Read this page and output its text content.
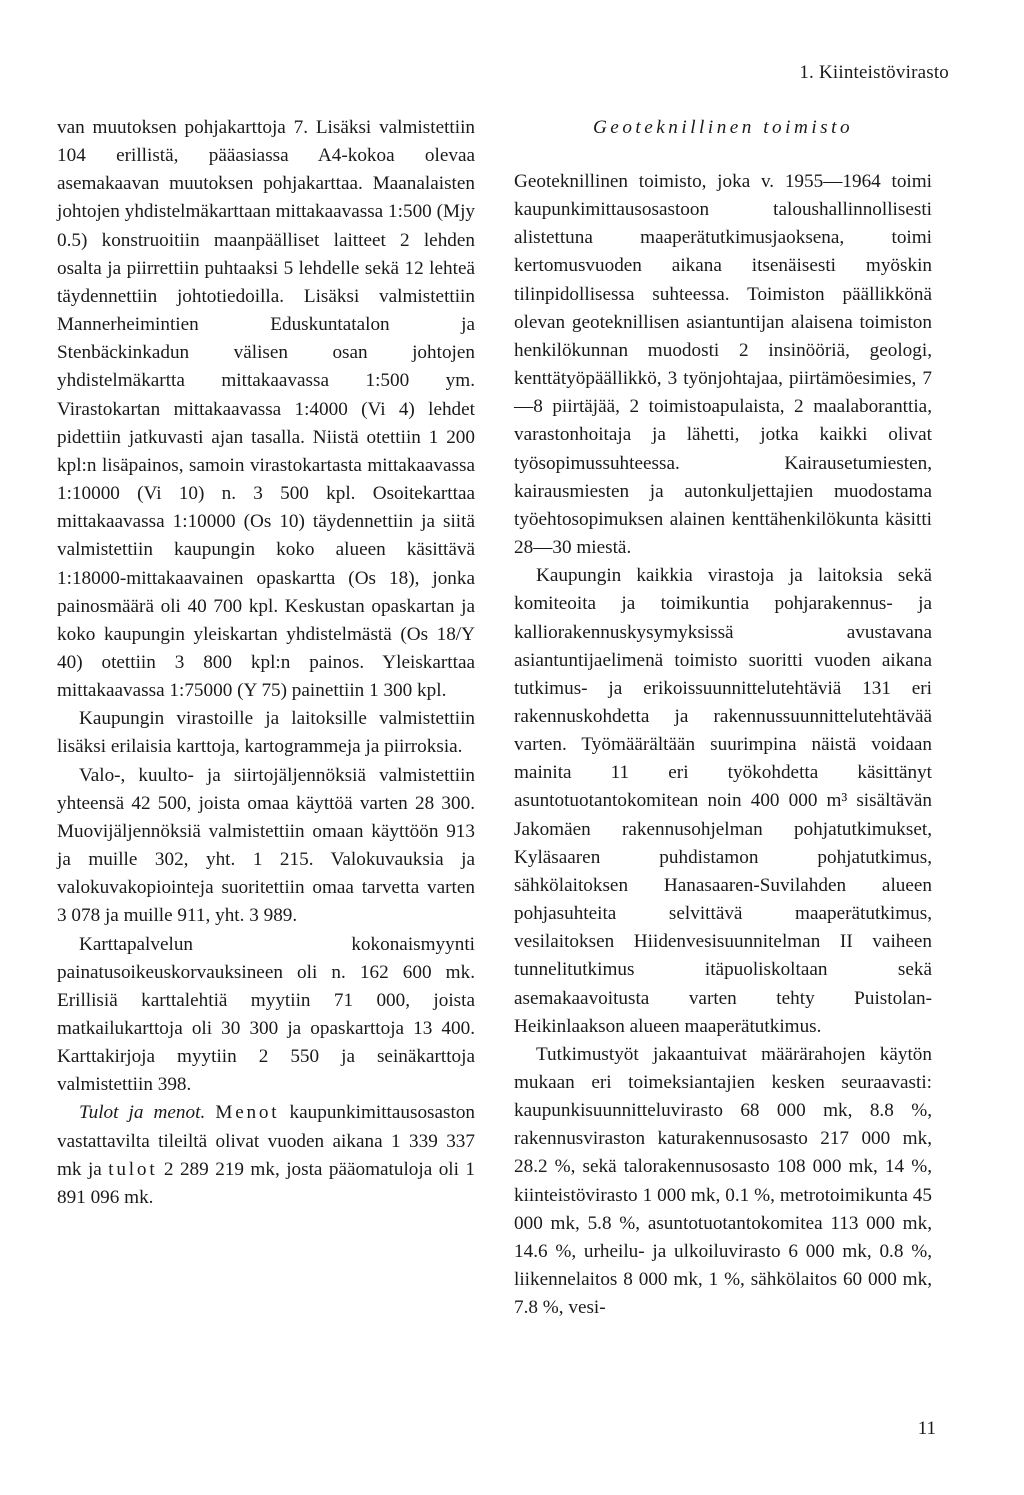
1. Kiinteistövirasto

van muutoksen pohjakarttoja 7. Lisäksi valmistettiin 104 erillistä, pääasiassa A4-kokoa olevaa asemakaavan muutoksen pohjakarttaa. Maanalaisten johtojen yhdistelmäkarttaan mittakaavassa 1:500 (Mjy 0.5) konstruoitiin maanpäälliset laitteet 2 lehden osalta ja piirrettiin puhtaaksi 5 lehdelle sekä 12 lehteä täydennettiin johtotiedoilla. Lisäksi valmistettiin Mannerheimintien Eduskuntatalon ja Stenbäckinkadun välisen osan johtojen yhdistelmäkartta mittakaavassa 1:500 ym. Virastokartan mittakaavassa 1:4000 (Vi 4) lehdet pidettiin jatkuvasti ajan tasalla. Niistä otettiin 1 200 kpl:n lisäpainos, samoin virastokartasta mittakaavassa 1:10000 (Vi 10) n. 3 500 kpl. Osoitekarttaa mittakaavassa 1:10000 (Os 10) täydennettiin ja siitä valmistettiin kaupungin koko alueen käsittävä 1:18000-mittakaavainen opaskartta (Os 18), jonka painosmäärä oli 40 700 kpl. Keskustan opaskartan ja koko kaupungin yleiskartan yhdistelmästä (Os 18/Y 40) otettiin 3 800 kpl:n painos. Yleiskarttaa mittakaavassa 1:75000 (Y 75) painettiin 1 300 kpl.

Kaupungin virastoille ja laitoksille valmistettiin lisäksi erilaisia karttoja, kartogrammeja ja piirroksia.

Valo-, kuulto- ja siirtojäljennöksiä valmistettiin yhteensä 42 500, joista omaa käyttöä varten 28 300. Muovijäljennöksiä valmistettiin omaan käyttöön 913 ja muille 302, yht. 1 215. Valokuvauksia ja valokuvakopiointeja suoritettiin omaa tarvetta varten 3 078 ja muille 911, yht. 3 989.

Karttapalvelun kokonaismyynti painatusoikeuskorvauksineen oli n. 162 600 mk. Erillisiä karttalehtiä myytiin 71 000, joista matkailukarttoja oli 30 300 ja opaskarttoja 13 400. Karttakirjoja myytiin 2 550 ja seinäkarttoja valmistettiin 398.

Tulot ja menot. Menot kaupunkimittausosaston vastattavilta tileiltä olivat vuoden aikana 1 339 337 mk ja tulot 2 289 219 mk, josta pääomatuloja oli 1 891 096 mk.

Geoteknillinen toimisto

Geoteknillinen toimisto, joka v. 1955—1964 toimi kaupunkimittausosastoon taloushallinnollisesti alistettuna maaperätutkimusjaoksena, toimi kertomusvuoden aikana itsenäisesti myöskin tilinpidollisessa suhteessa. Toimiston päällikkönä olevan geoteknillisen asiantuntijan alaisena toimiston henkilökunnan muodosti 2 insinööriä, geologi, kenttätyöpäällikkö, 3 työnjohtajaa, piirtämöesimies, 7—8 piirtäjää, 2 toimistoapulaista, 2 maalaboranttia, varastonhoitaja ja lähetti, jotka kaikki olivat työsopimussuhteessa. Kairausetumiesten, kairausmiesten ja autonkuljettajien muodostama työehtosopimuksen alainen kenttähenkilökunta käsitti 28—30 miestä.

Kaupungin kaikkia virastoja ja laitoksia sekä komiteoita ja toimikuntia pohjarakennus- ja kalliorakennuskysymyksissä avustavana asiantuntijaelimenä toimisto suoritti vuoden aikana tutkimus- ja erikoissuunnittelutehtäviä 131 eri rakennuskohdetta ja rakennussuunnittelutehtävää varten. Työmäärältään suurimpina näistä voidaan mainita 11 eri työkohdetta käsittänyt asuntotuotantokomitean noin 400 000 m³ sisältävän Jakomäen rakennusohjelman pohjatutkimukset, Kyläsaaren puhdistamon pohjatutkimus, sähkölaitoksen Hanasaaren-Suvilahden alueen pohjasuhteita selvittävä maaperätutkimus, vesilaitoksen Hiidenvesisuunnitelman II vaiheen tunnelitutkimus itäpuoliskoltaan sekä asemakaavoitusta varten tehty Puistolan-Heikinlaakson alueen maaperätutkimus.

Tutkimustyöt jakaantuivat määrärahojen käytön mukaan eri toimeksiantajien kesken seuraavasti: kaupunkisuunnitteluvirasto 68 000 mk, 8.8 %, rakennusviraston katurakennusosasto 217 000 mk, 28.2 %, sekä talorakennusosasto 108 000 mk, 14 %, kiinteistövirasto 1 000 mk, 0.1 %, metrotoimikunta 45 000 mk, 5.8 %, asuntotuotantokomitea 113 000 mk, 14.6 %, urheilu- ja ulkoiluvirasto 6 000 mk, 0.8 %, liikennelaitos 8 000 mk, 1 %, sähkölaitos 60 000 mk, 7.8 %, vesi-

11
